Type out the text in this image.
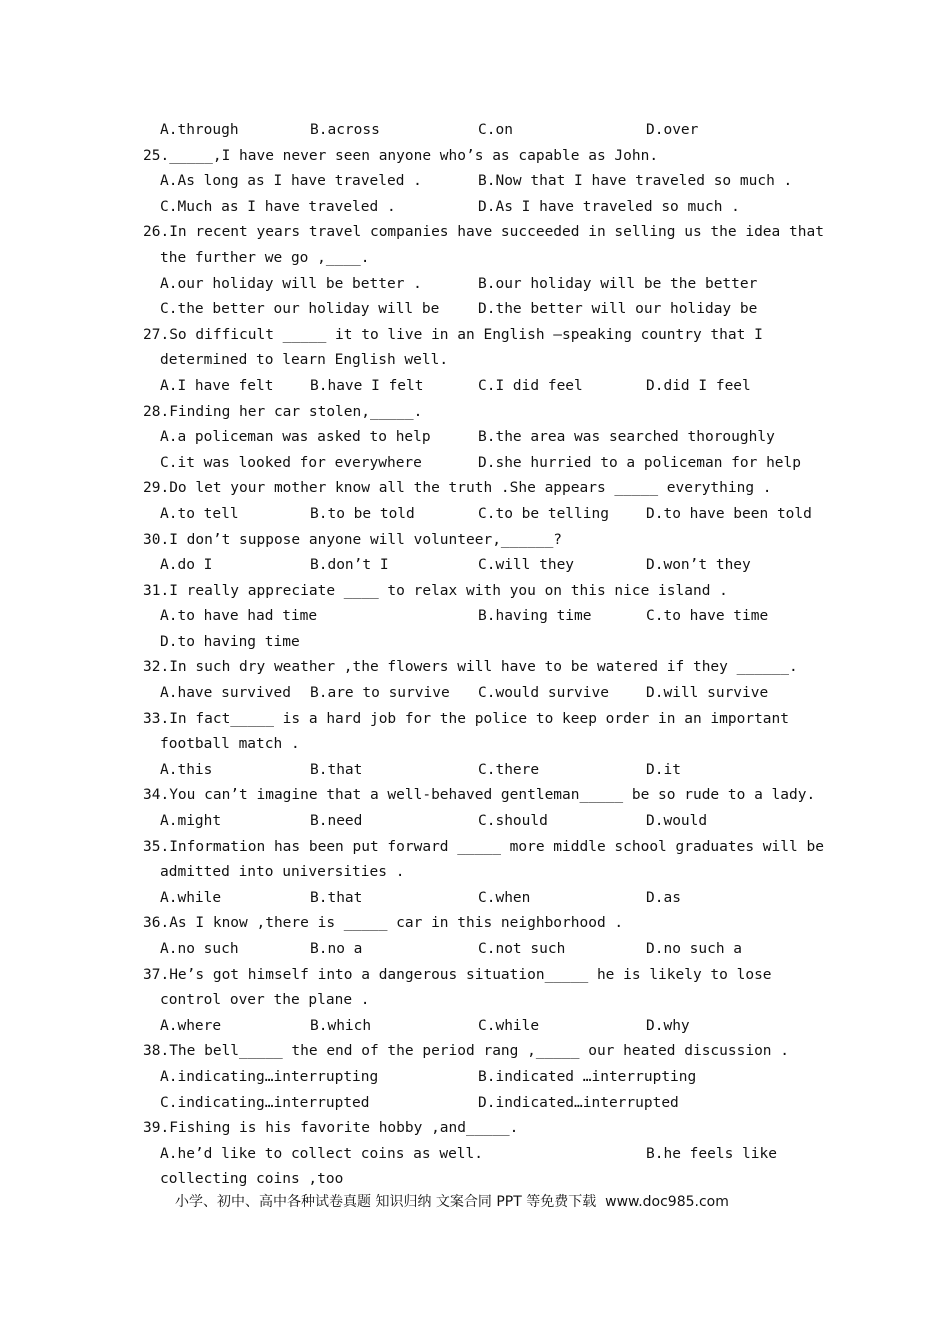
A.through	B.across	C.on	D.over
25._____,I have never seen anyone who’s as capable as John.
A.As long as I have traveled .	B.Now that I have traveled so much .
C.Much as I have traveled .	D.As I have traveled so much .
26.In recent years travel companies have succeeded in selling us the idea that
the further we go ,____.
A.our holiday will be better .	B.our holiday will be the better
C.the better our holiday will be	D.the better will our holiday be
27.So difficult _____ it to live in an English –speaking country that I
determined to learn English well.
A.I have felt	B.have I felt	C.I did feel	D.did I feel
28.Finding her car stolen,_____.
A.a policeman was asked to help	B.the area was searched thoroughly
C.it was looked for everywhere	D.she hurried to a policeman for help
29.Do let your mother know all the truth .She appears _____ everything .
A.to tell	B.to be told	C.to be telling	D.to have been told
30.I don’t suppose anyone will volunteer,______?
A.do I	B.don’t I	C.will they	D.won’t they
31.I really appreciate ____ to relax with you on this nice island .
A.to have had time	B.having time	C.to have time
D.to having time
32.In such dry weather ,the flowers will have to be watered if they ______.
A.have survived B.are to survive C.would survive	D.will survive
33.In fact_____ is a hard job for the police to keep order in an important
football match .
A.this	B.that	C.there	D.it
34.You can’t imagine that a well-behaved gentleman_____ be so rude to a lady.
A.might	B.need	C.should	D.would
35.Information has been put forward _____ more middle school graduates will be
admitted into universities .
A.while	B.that	C.when	D.as
36.As I know ,there is _____ car in this neighborhood .
A.no such	B.no a	C.not such	D.no such a
37.He’s got himself into a dangerous situation_____ he is likely to lose
control over the plane .
A.where	B.which	C.while	D.why
38.The bell_____ the end of the period rang ,_____ our heated discussion .
A.indicating…interrupting	B.indicated …interrupting
C.indicating…interrupted	D.indicated…interrupted
39.Fishing is his favorite hobby ,and_____.
A.he’d like to collect coins as well.	B.he feels like
collecting coins ,too
小学、初中、高中各种试卷真题 知识归纳 文案合同 PPT 等免费下载  www.doc985.com
